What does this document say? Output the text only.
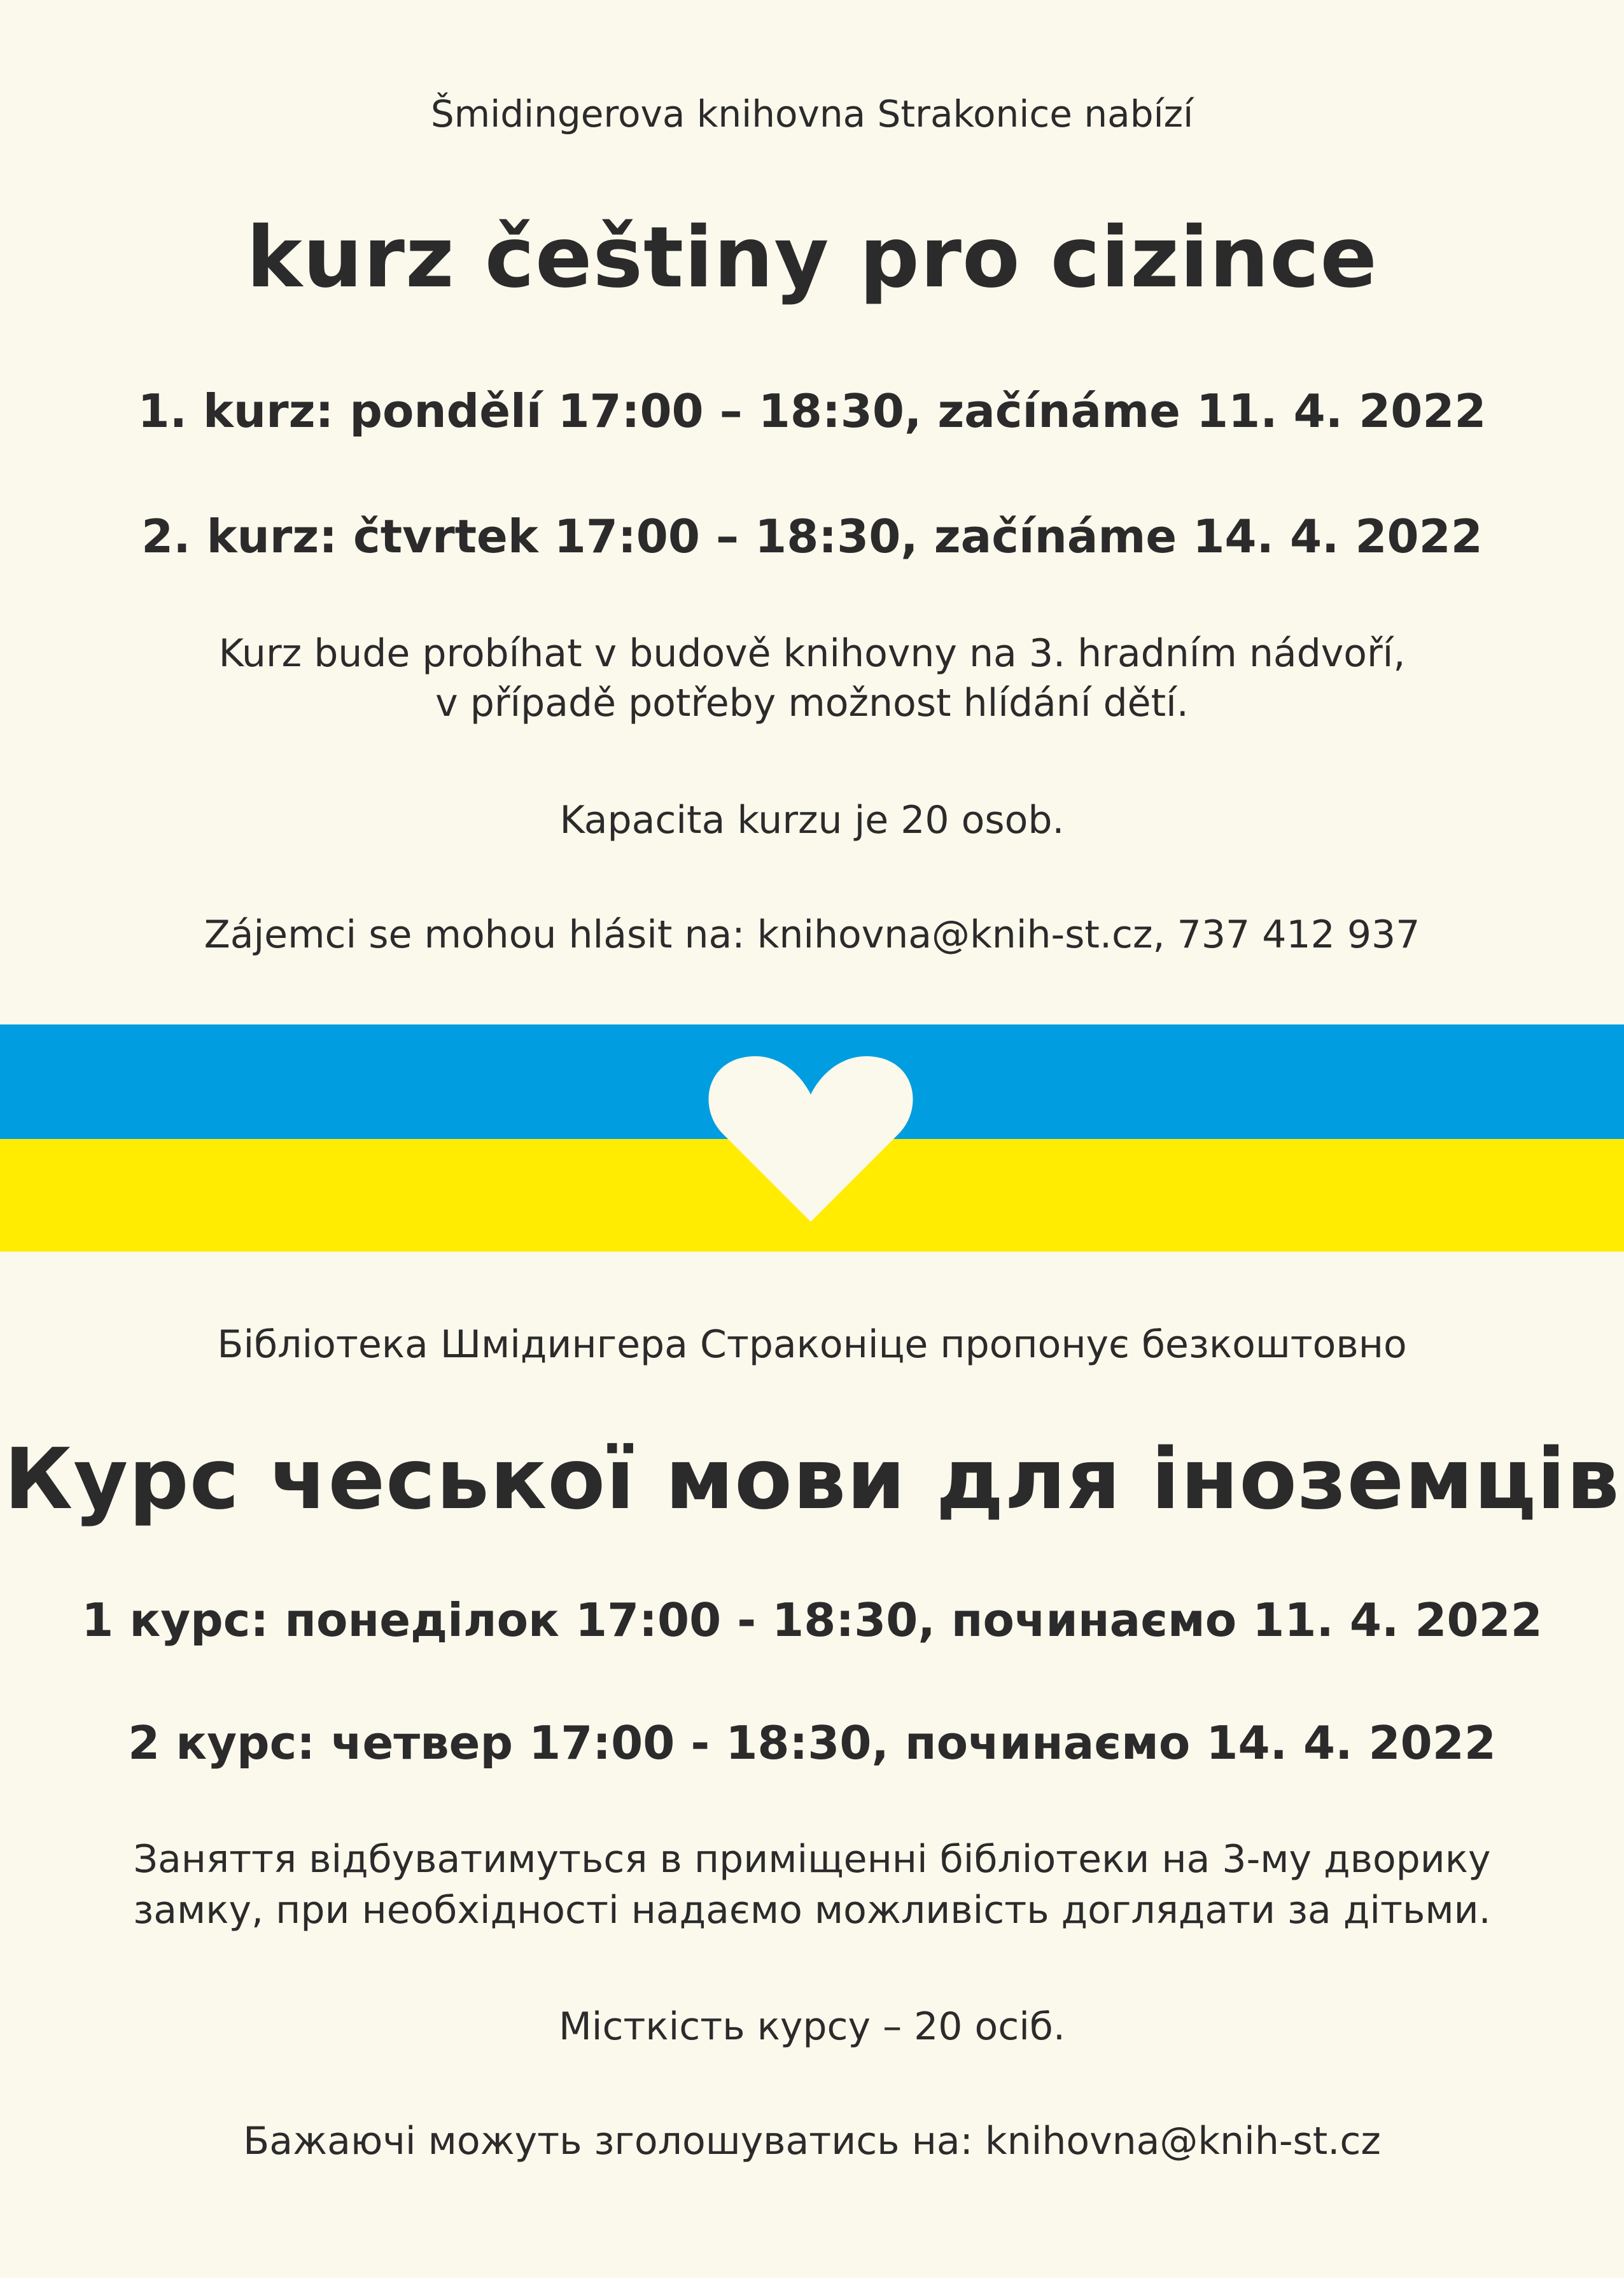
Šmidingerova knihovna Strakonice nabízí
kurz češtiny pro cizince
1. kurz: pondělí 17:00 – 18:30, začínáme 11. 4. 2022
2. kurz: čtvrtek 17:00 – 18:30, začínáme 14. 4. 2022
Kurz bude probíhat v budově knihovny na 3. hradním nádvoří,
v případě potřeby možnost hlídání dětí.
Kapacita kurzu je 20 osob.
Zájemci se mohou hlásit na: knihovna@knih-st.cz, 737 412 937
Бібліотека Шмідингера Страконіце пропонує безкоштовно
Курс чеської мови для іноземців
1 курс: понеділок 17:00 - 18:30, починаємо 11. 4. 2022
2 курс: четвер 17:00 - 18:30, починаємо 14. 4. 2022
Заняття відбуватимуться в приміщенні бібліотеки на 3-му дворику
замку, при необхідності надаємо можливість доглядати за дітьми.
Місткість курсу – 20 осіб.
Бажаючі можуть зголошуватись на: knihovna@knih-st.cz
